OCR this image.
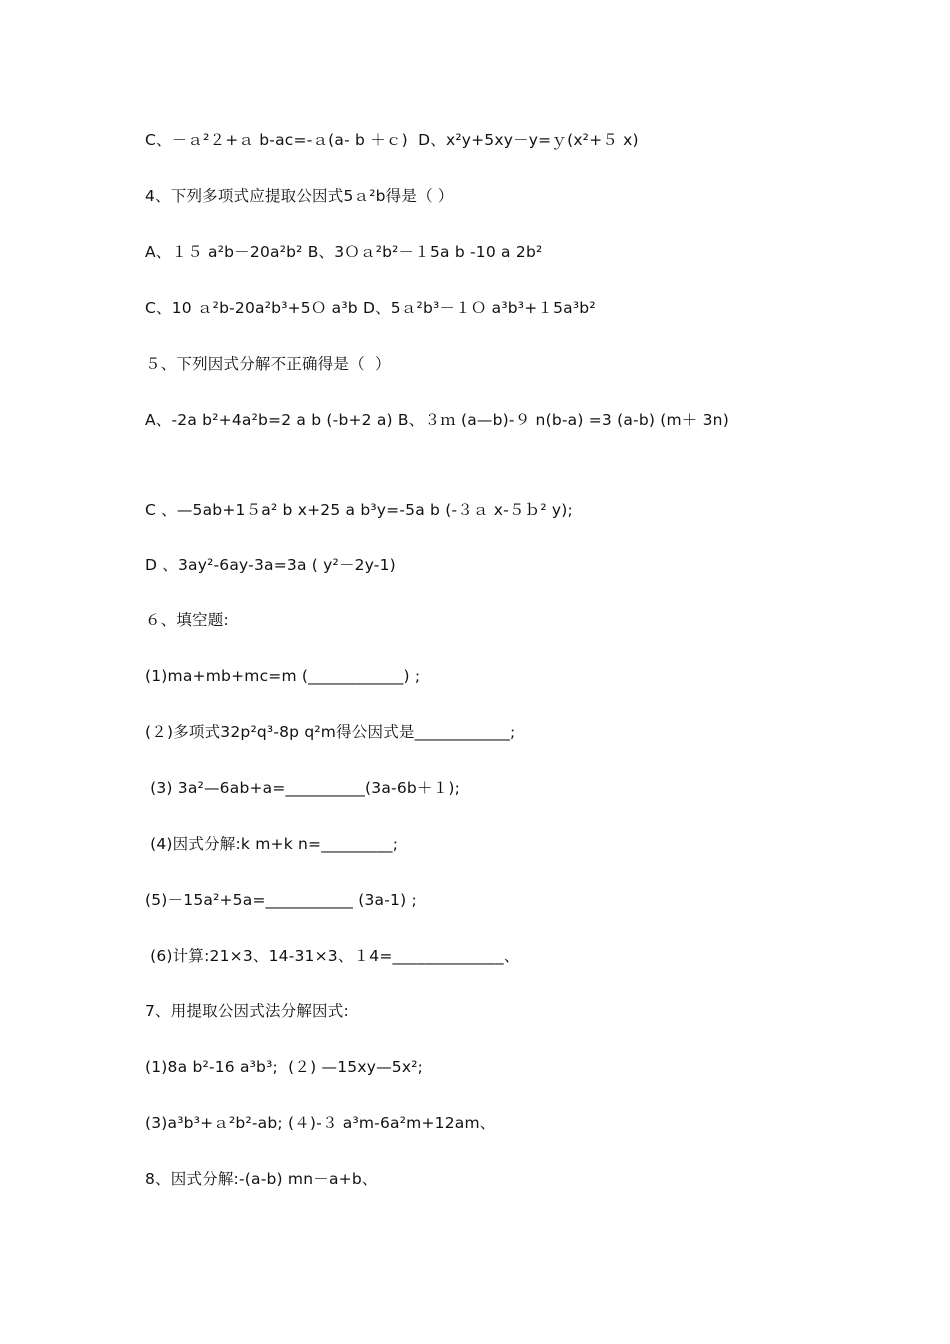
C、－ａ²２+ａ b-ac=-ａ(a- b ＋ｃ)  D、x²y+5xy－y=ｙ(x²+５ x)
4、下列多项式应提取公因式5ａ²b得是（ ）
A、１５ a²b－20a²b² B、3Ｏａ²b²－１5a b -10 a 2b²
C、10 ａ²b-20a²b³+5Ｏ a³b D、5ａ²b³－１Ｏ a³b³+１5a³b²
５、下列因式分解不正确得是（  ）
A、-2a b²+4a²b=2 a b (-b+2 a) B、３ｍ (a—b)-９ n(b-a) =3 (a-b) (m＋ 3n)
C 、—5ab+1５a² b x+25 a b³y=-5a b (-３ａ x-５ｂ² y);
D 、3ay²-6ay-3a=3a ( y²－2y-1)
６、填空题:
(1)ma+mb+mc=m (____________) ;
(２)多项式32p²q³-8p q²m得公因式是____________;
(3) 3a²—6ab+a=__________(3a-6b＋１);
(4)因式分解:k m+k n=_________;
(5)－15a²+5a=___________ (3a-1) ;
(6)计算:21×3、14-31×3、１4=______________、
7、用提取公因式法分解因式:
(1)8a b²-16 a³b³;  (２) —15xy—5x²;
(3)a³b³+ａ²b²-ab; (４)-３ a³m-6a²m+12am、
8、因式分解:-(a-b) mn－a+b、
